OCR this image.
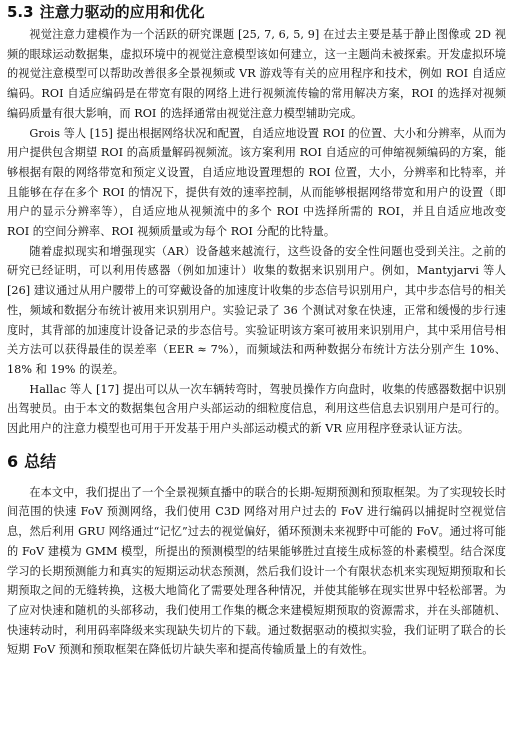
5.3 注意力驱动的应用和优化

视觉注意力建模作为一个活跃的研究课题 [25, 7, 6, 5, 9] 在过去主要是基于静止图像或 2D 视频的眼球运动数据集，虚拟环境中的视觉注意模型该如何建立，这一主题尚未被探索。开发虚拟环境的视觉注意模型可以帮助改善很多全景视频或 VR 游戏等有关的应用程序和技术，例如 ROI 自适应编码。ROI 自适应编码是在带宽有限的网络上进行视频流传输的常用解决方案，ROI 的选择对视频编码质量有很大影响，而 ROI 的选择通常由视觉注意力模型辅助完成。

Grois 等人 [15] 提出根据网络状况和配置，自适应地设置 ROI 的位置、大小和分辨率，从而为用户提供包含期望 ROI 的高质量解码视频流。该方案利用 ROI 自适应的可伸缩视频编码的方案，能够根据有限的网络带宽和预定义设置，自适应地设置理想的 ROI 位置，大小，分辨率和比特率，并且能够在存在多个 ROI 的情况下，提供有效的速率控制，从而能够根据网络带宽和用户的设置（即用户的显示分辨率等），自适应地从视频流中的多个 ROI 中选择所需的 ROI，并且自适应地改变 ROI 的空间分辨率、ROI 视频质量或为每个 ROI 分配的比特量。

随着虚拟现实和增强现实（AR）设备越来越流行，这些设备的安全性问题也受到关注。之前的研究已经证明，可以利用传感器（例如加速计）收集的数据来识别用户。例如，Mantyjarvi 等人 [26] 建议通过从用户腰带上的可穿戴设备的加速度计收集的步态信号识别用户，其中步态信号的相关性，频域和数据分布统计被用来识别用户。实验记录了 36 个测试对象在快速，正常和缓慢的步行速度时，其背部的加速度计设备记录的步态信号。实验证明该方案可被用来识别用户，其中采用信号相关方法可以获得最佳的误差率（EER ≈ 7%），而频域法和两种数据分布统计方法分别产生 10%、18% 和 19% 的误差。

Hallac 等人 [17] 提出可以从一次车辆转弯时，驾驶员操作方向盘时，收集的传感器数据中识别出驾驶员。由于本文的数据集包含用户头部运动的细粒度信息，利用这些信息去识别用户是可行的。因此用户的注意力模型也可用于开发基于用户头部运动模式的新 VR 应用程序登录认证方法。

6 总结

在本文中，我们提出了一个全景视频直播中的联合的长期-短期预测和预取框架。为了实现较长时间范围的快速 FoV 预测网络，我们使用 C3D 网络对用户过去的 FoV 进行编码以捕捉时空视觉信息，然后利用 GRU 网络通过“记忆”过去的视觉偏好，循环预测未来视野中可能的 FoV。通过将可能的 FoV 建模为 GMM 模型，所提出的预测模型的结果能够胜过直接生成标签的朴素模型。结合深度学习的长期预测能力和真实的短期运动状态预测，然后我们设计一个有限状态机来实现短期预取和长期预取之间的无缝转换，这极大地简化了需要处理各种情况，并使其能够在现实世界中轻松部署。为了应对快速和随机的头部移动，我们使用工作集的概念来建模短期预取的资源需求，并在头部随机、快速转动时，利用码率降级来实现缺失切片的下载。通过数据驱动的模拟实验，我们证明了联合的长短期 FoV 预测和预取框架在降低切片缺失率和提高传输质量上的有效性。
